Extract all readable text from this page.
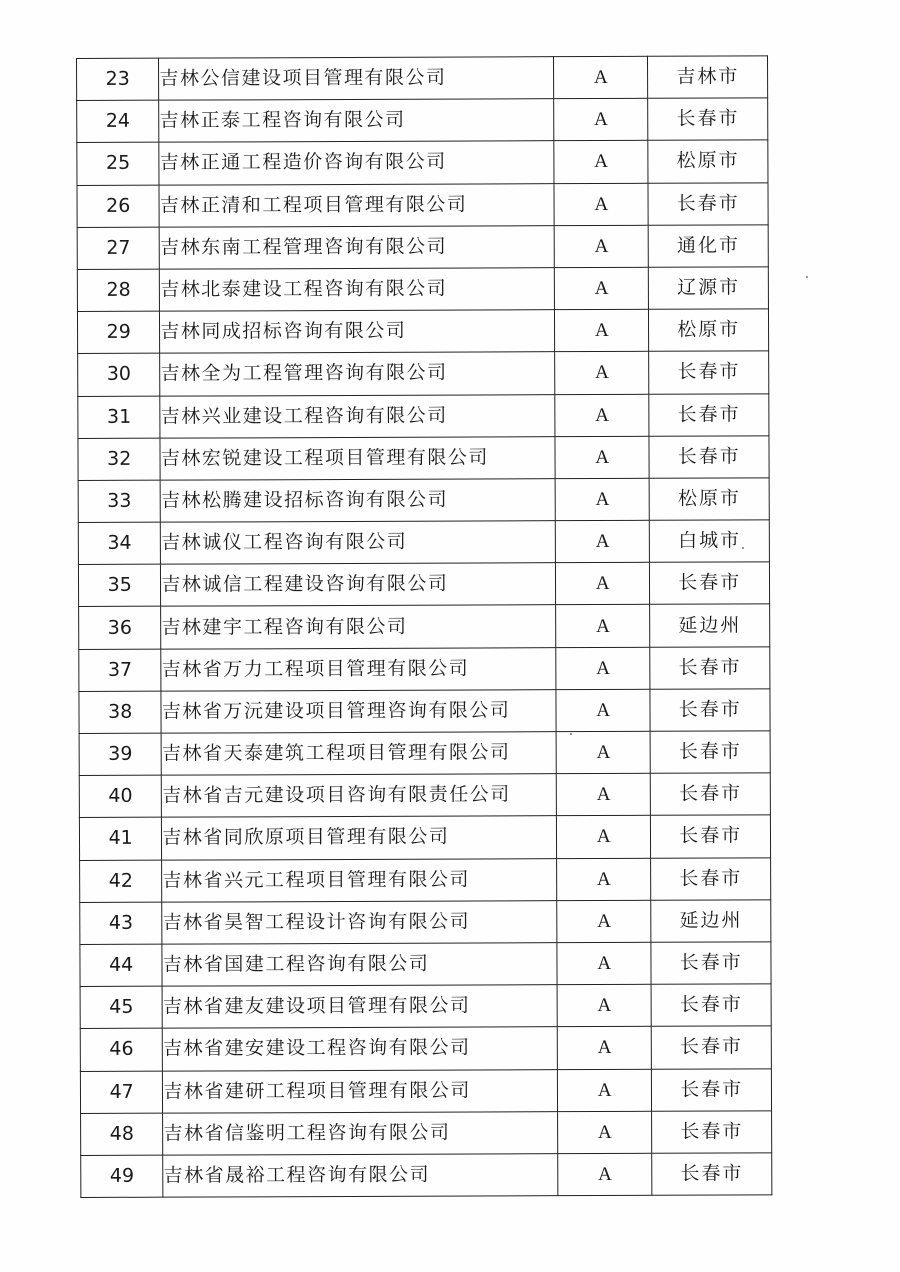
23	吉林公信建设项目管理有限公司	A	吉林市
24	吉林正泰工程咨询有限公司	A	长春市
25	吉林正通工程造价咨询有限公司	A	松原市
26	吉林正清和工程项目管理有限公司	A	长春市
27	吉林东南工程管理咨询有限公司	A	通化市
28	吉林北泰建设工程咨询有限公司	A	辽源市
29	吉林同成招标咨询有限公司	A	松原市
30	吉林全为工程管理咨询有限公司	A	长春市
31	吉林兴业建设工程咨询有限公司	A	长春市
32	吉林宏锐建设工程项目管理有限公司	A	长春市
33	吉林松腾建设招标咨询有限公司	A	松原市
34	吉林诚仪工程咨询有限公司	A	白城市
35	吉林诚信工程建设咨询有限公司	A	长春市
36	吉林建宇工程咨询有限公司	A	延边州
37	吉林省万力工程项目管理有限公司	A	长春市
38	吉林省万沅建设项目管理咨询有限公司	A	长春市
39	吉林省天泰建筑工程项目管理有限公司	A	长春市
40	吉林省吉元建设项目咨询有限责任公司	A	长春市
41	吉林省同欣原项目管理有限公司	A	长春市
42	吉林省兴元工程项目管理有限公司	A	长春市
43	吉林省昊智工程设计咨询有限公司	A	延边州
44	吉林省国建工程咨询有限公司	A	长春市
45	吉林省建友建设项目管理有限公司	A	长春市
46	吉林省建安建设工程咨询有限公司	A	长春市
47	吉林省建研工程项目管理有限公司	A	长春市
48	吉林省信鉴明工程咨询有限公司	A	长春市
49	吉林省晟裕工程咨询有限公司	A	长春市
